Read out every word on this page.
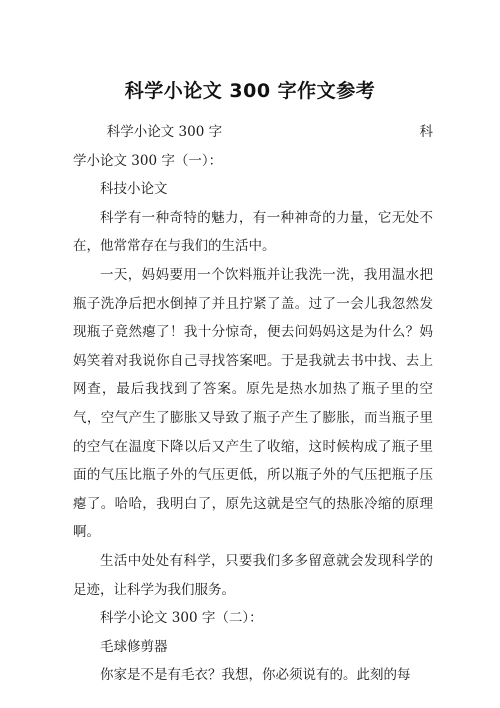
科学小论文 300 字作文参考

科学小论文 300 字	科

学小论文 300 字（一）：

科技小论文

科学有一种奇特的魅力，有一种神奇的力量，它无处不在，他常常存在与我们的生活中。

一天，妈妈要用一个饮料瓶并让我洗一洗，我用温水把瓶子洗净后把水倒掉了并且拧紧了盖。过了一会儿我忽然发现瓶子竟然瘪了！我十分惊奇，便去问妈妈这是为什么？妈妈笑着对我说你自己寻找答案吧。于是我就去书中找、去上网查，最后我找到了答案。原先是热水加热了瓶子里的空气，空气产生了膨胀又导致了瓶子产生了膨胀，而当瓶子里的空气在温度下降以后又产生了收缩，这时候构成了瓶子里面的气压比瓶子外的气压更低，所以瓶子外的气压把瓶子压瘪了。哈哈，我明白了，原先这就是空气的热胀冷缩的原理啊。

生活中处处有科学，只要我们多多留意就会发现科学的足迹，让科学为我们服务。

科学小论文 300 字（二）：

毛球修剪器

你家是不是有毛衣？我想，你必须说有的。此刻的每
